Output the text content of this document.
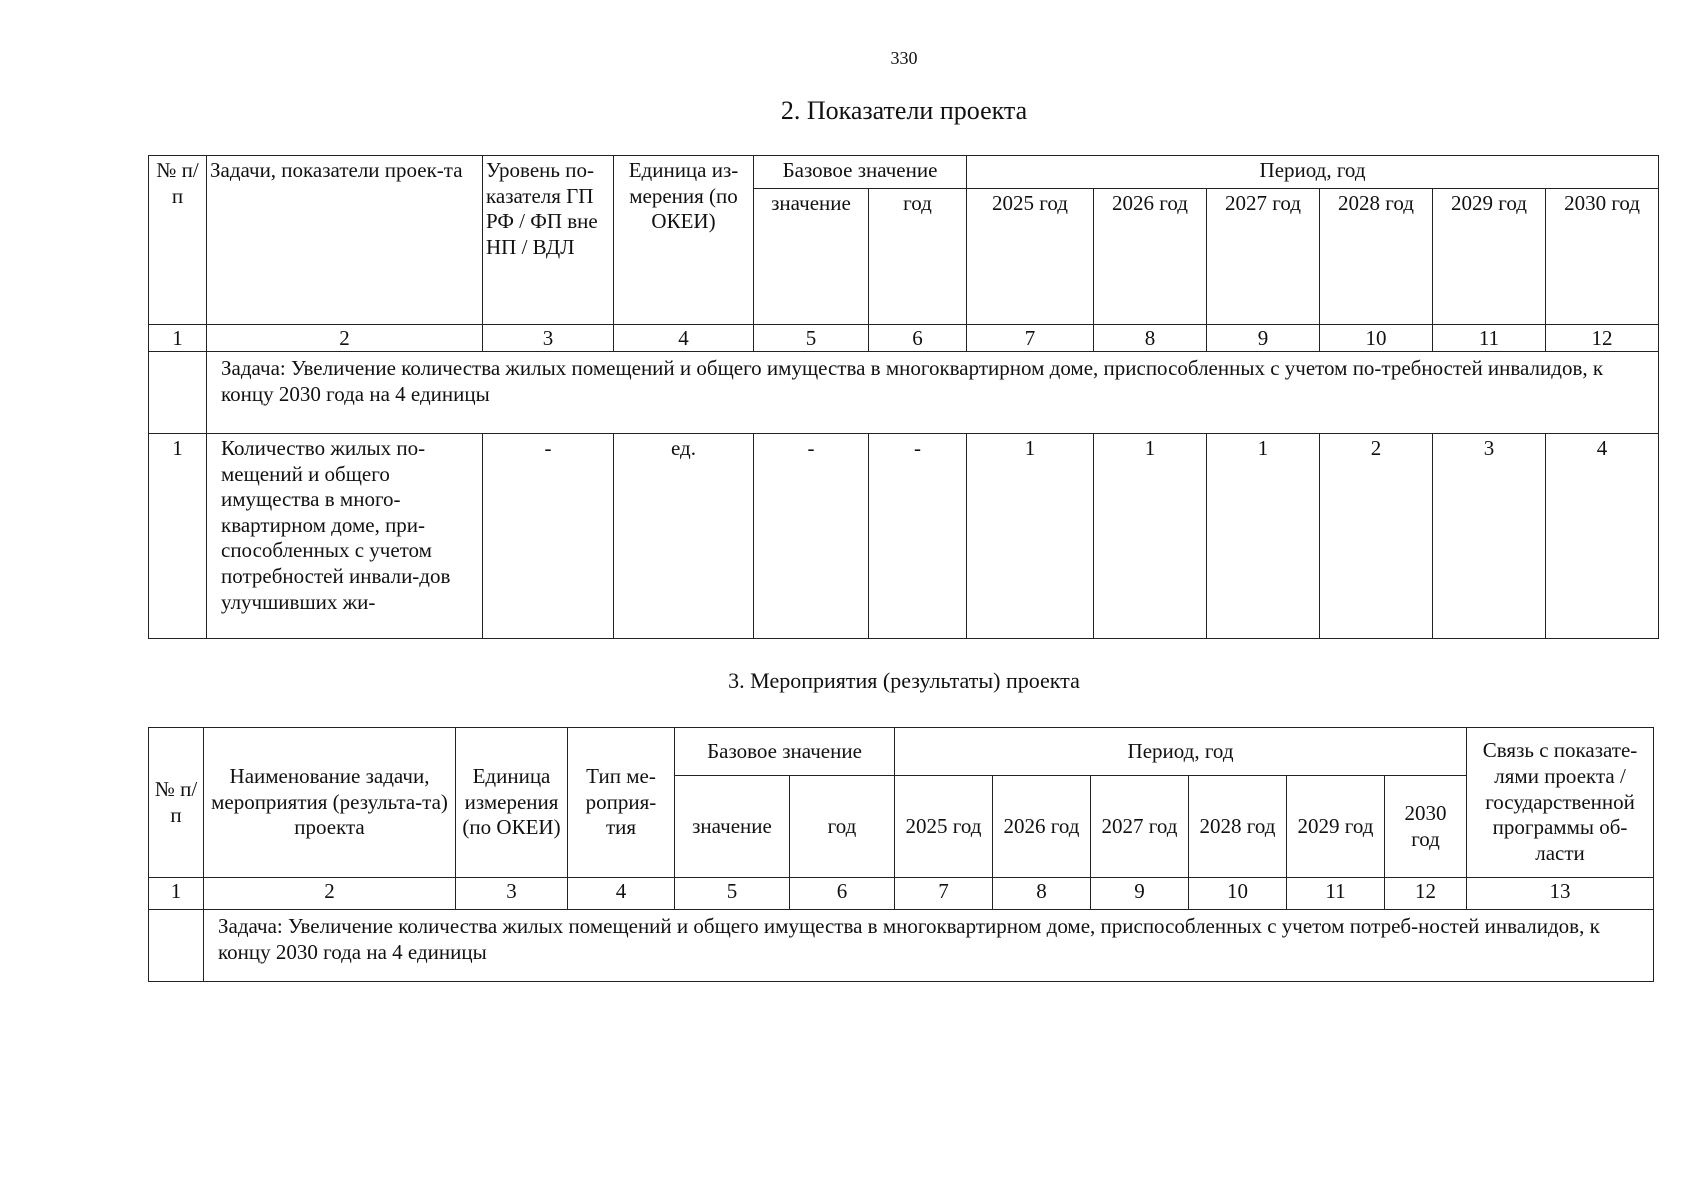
330
2. Показатели проекта
№ п/п	Задачи, показатели проек-та	Уровень по-казателя ГП РФ / ФП вне НП / ВДЛ	Единица из-мерения (по ОКЕИ)	Базовое значение		Период, год					
				значение	год	2025 год	2026 год	2027 год	2028 год	2029 год	2030 год
1	2	3	4	5	6	7	8	9	10	11	12
	Задача: Увеличение количества жилых помещений и общего имущества в многоквартирном доме, приспособленных с учетом по-требностей инвалидов, к концу 2030 года на 4 единицы										
1	Количество жилых по-мещений и общего имущества в много-квартирном доме, при-способленных с учетом потребностей инвали-дов улучшивших жи-	-	ед.	-	-	1	1	1	2	3	4
3. Мероприятия (результаты) проекта
№ п/п	Наименование задачи, мероприятия (результа-та) проекта	Единица измерения (по ОКЕИ)	Тип ме-роприя-тия	Базовое значение		Период, год						Связь с показате-лями проекта / государственной программы об-ласти
				значение	год	2025 год	2026 год	2027 год	2028 год	2029 год	2030 год	
1	2	3	4	5	6	7	8	9	10	11	12	13
	Задача: Увеличение количества жилых помещений и общего имущества в многоквартирном доме, приспособленных с учетом потреб-ностей инвалидов, к концу 2030 года на 4 единицы											
